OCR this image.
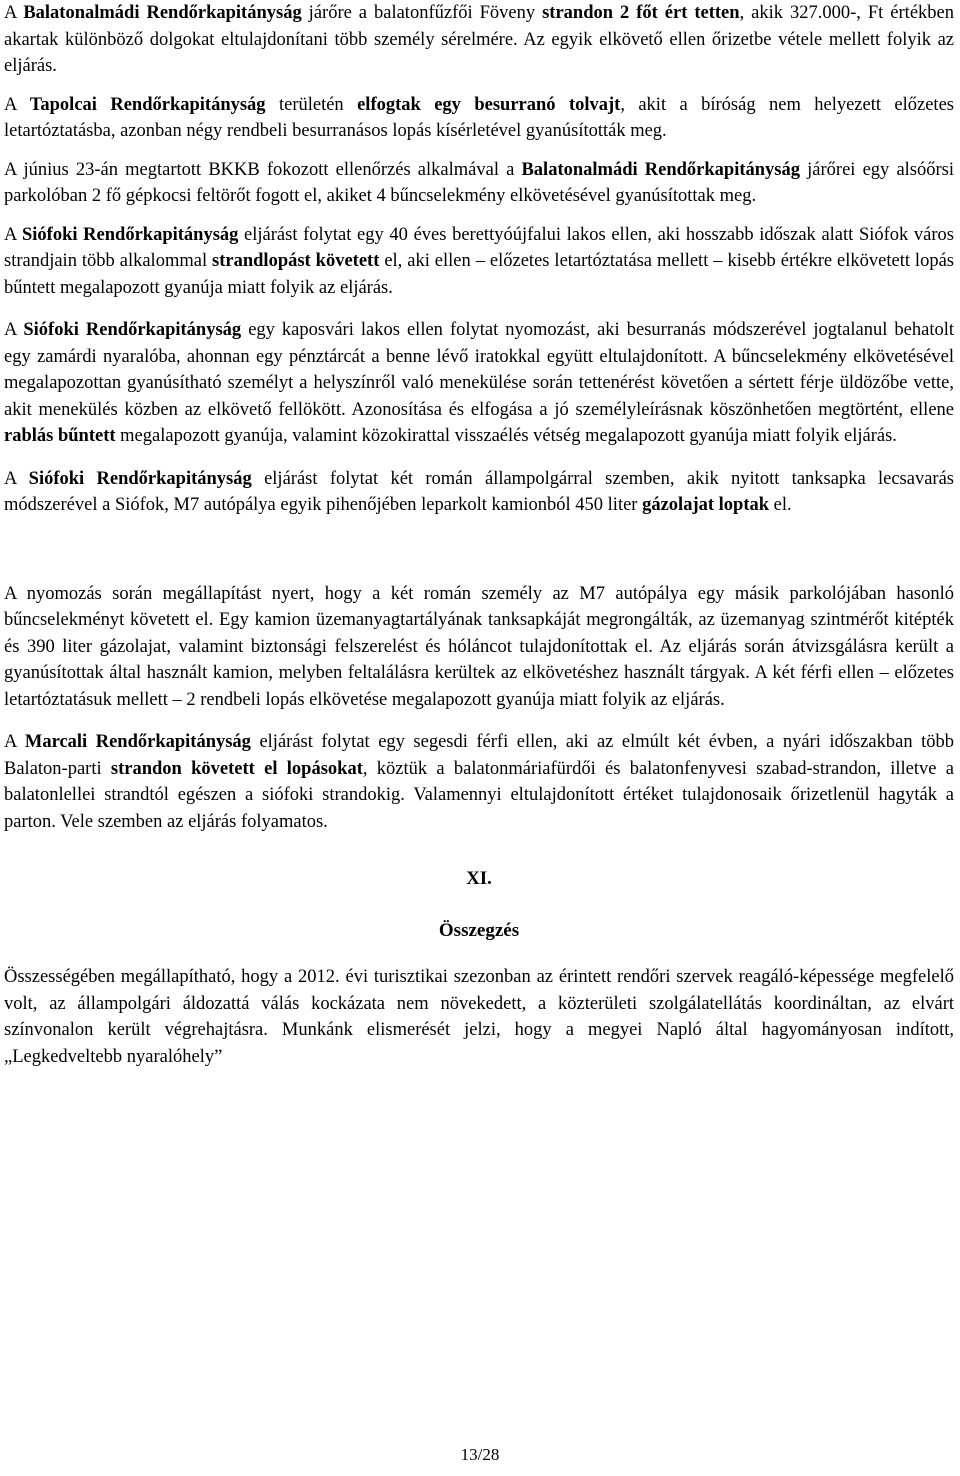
A Balatonalmádi Rendőrkapitányság járőre a balatonfűzfői Föveny strandon 2 főt ért tetten, akik 327.000-, Ft értékben akartak különböző dolgokat eltulajdonítani több személy sérelmére. Az egyik elkövető ellen őrizetbe vétele mellett folyik az eljárás.

A Tapolcai Rendőrkapitányság területén elfogtak egy besurranó tolvajt, akit a bíróság nem helyezett előzetes letartóztatásba, azonban négy rendbeli besurranásos lopás kísérletével gyanúsították meg.

A június 23-án megtartott BKKB fokozott ellenőrzés alkalmával a Balatonalmádi Rendőrkapitányság járőrei egy alsóőrsi parkolóban 2 fő gépkocsi feltörőt fogott el, akiket 4 bűncselekmény elkövetésével gyanúsítottak meg.

A Siófoki Rendőrkapitányság eljárást folytat egy 40 éves berettyóújfalui lakos ellen, aki hosszabb időszak alatt Siófok város strandjain több alkalommal strandlopást követett el, aki ellen – előzetes letartóztatása mellett – kisebb értékre elkövetett lopás bűntett megalapozott gyanúja miatt folyik az eljárás.

A Siófoki Rendőrkapitányság egy kaposvári lakos ellen folytat nyomozást, aki besurranás módszerével jogtalanul behatolt egy zamárdi nyaralóba, ahonnan egy pénztárcát a benne lévő iratokkal együtt eltulajdonított. A bűncselekmény elkövetésével megalapozottan gyanúsítható személyt a helyszínről való menekülése során tettenérést követően a sértett férje üldözőbe vette, akit menekülés közben az elkövető fellökött. Azonosítása és elfogása a jó személyleírásnak köszönhetően megtörtént, ellene rablás bűntett megalapozott gyanúja, valamint közokirattal visszaélés vétség megalapozott gyanúja miatt folyik eljárás.

A Siófoki Rendőrkapitányság eljárást folytat két román állampolgárral szemben, akik nyitott tanksapka lecsavarás módszerével a Siófok, M7 autópálya egyik pihenőjében leparkolt kamionból 450 liter gázolajat loptak el.

A nyomozás során megállapítást nyert, hogy a két román személy az M7 autópálya egy másik parkolójában hasonló bűncselekményt követett el. Egy kamion üzemanyagtartályának tanksapkáját megrongálták, az üzemanyag szintmérőt kitépték és 390 liter gázolajat, valamint biztonsági felszerelést és hóláncot tulajdonítottak el. Az eljárás során átvizsgálásra került a gyanúsítottak által használt kamion, melyben feltalálásra kerültek az elkövetéshez használt tárgyak. A két férfi ellen – előzetes letartóztatásuk mellett – 2 rendbeli lopás elkövetése megalapozott gyanúja miatt folyik az eljárás.

A Marcali Rendőrkapitányság eljárást folytat egy segesdi férfi ellen, aki az elmúlt két évben, a nyári időszakban több Balaton-parti strandon követett el lopásokat, köztük a balatonmáriafürdői és balatonfenyvesi szabad-strandon, illetve a balatonlellei strandtól egészen a siófoki strandokig. Valamennyi eltulajdonított értéket tulajdonosaik őrizetlenül hagyták a parton. Vele szemben az eljárás folyamatos.

XI.
Összegzés

Összességében megállapítható, hogy a 2012. évi turisztikai szezonban az érintett rendőri szervek reagáló-képessége megfelelő volt, az állampolgári áldozattá válás kockázata nem növekedett, a közterületi szolgálatellátás koordináltan, az elvárt színvonalon került végrehajtásra. Munkánk elismerését jelzi, hogy a megyei Napló által hagyományosan indított, „Legkedveltebb nyaralóhely”

13/28
